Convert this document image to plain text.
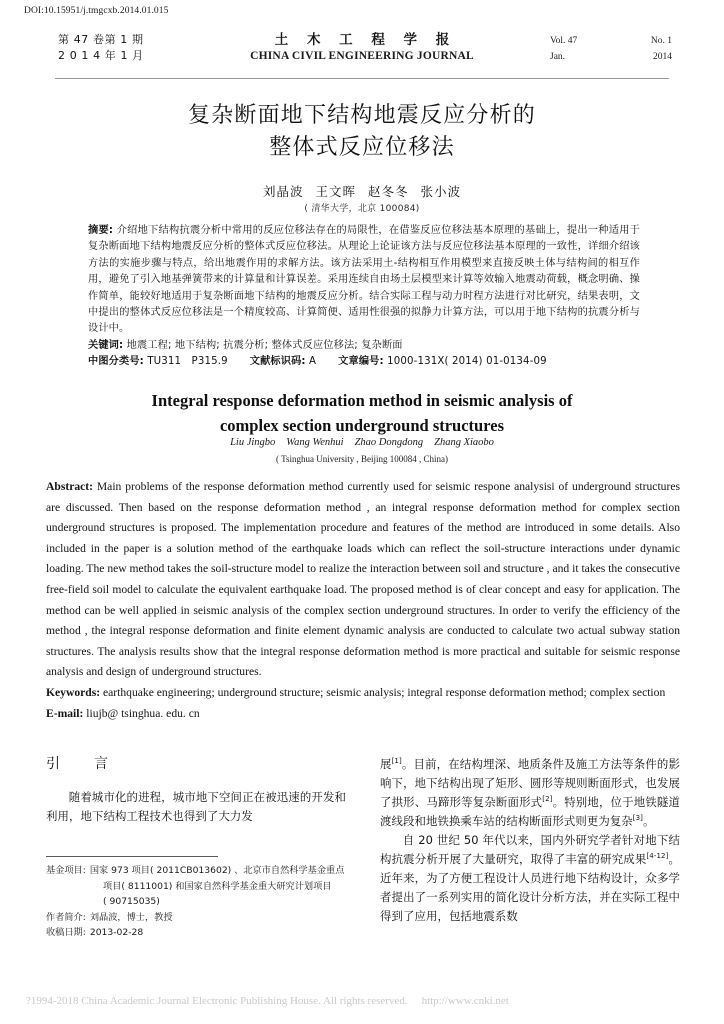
DOI:10.15951/j.tmgcxb.2014.01.015
第 47 卷第 1 期
2 0 1 4 年 1 月
土 木 工 程 学 报
CHINA CIVIL ENGINEERING JOURNAL
Vol. 47	No. 1
Jan.	2014
复杂断面地下结构地震反应分析的
整体式反应位移法
刘晶波 王文晖 赵冬冬 张小波
( 清华大学，北京 100084)

摘要: 介绍地下结构抗震分析中常用的反应位移法存在的局限性，在借鉴反应位移法基本原理的基础上，提出一种适用于复杂断面地下结构地震反应分析的整体式反应位移法。从理论上论证该方法与反应位移法基本原理的一致性，详细介绍该方法的实施步骤与特点，给出地震作用的求解方法。该方法采用土-结构相互作用模型来直接反映土体与结构间的相互作用，避免了引入地基弹簧带来的计算量和计算误差。采用连续自由场土层模型来计算等效输入地震动荷载，概念明确、操作简单，能较好地适用于复杂断面地下结构的地震反应分析。结合实际工程与动力时程方法进行对比研究，结果表明，文中提出的整体式反应位移法是一个精度较高、计算简便、适用性很强的拟静力计算方法，可以用于地下结构的抗震分析与设计中。

关键词: 地震工程; 地下结构; 抗震分析; 整体式反应位移法; 复杂断面

中图分类号: TU311　P315.9 文献标识码: A 文章编号: 1000-131X( 2014) 01-0134-09

Integral response deformation method in seismic analysis of
complex section underground structures
Liu Jingbo Wang Wenhui Zhao Dongdong Zhang Xiaobo
( Tsinghua University , Beijing 100084 , China)

Abstract: Main problems of the response deformation method currently used for seismic respone analysisi of underground structures are discussed. Then based on the response deformation method , an integral response deformation method for complex section underground structures is proposed. The implementation procedure and features of the method are introduced in some details. Also included in the paper is a solution method of the earthquake loads which can reflect the soil-structure interactions under dynamic loading. The new method takes the soil-structure model to realize the interaction between soil and structure , and it takes the consecutive free-field soil model to calculate the equivalent earthquake load. The proposed method is of clear concept and easy for application. The method can be well applied in seismic analysis of the complex section underground structures. In order to verify the efficiency of the method , the integral response deformation and finite element dynamic analysis are conducted to calculate two actual subway station structures. The analysis results show that the integral response deformation method is more practical and suitable for seismic response analysis and design of underground structures.

Keywords: earthquake engineering; underground structure; seismic analysis; integral response deformation method; complex section

E-mail: liujb@ tsinghua. edu. cn

引　言

随着城市化的进程，城市地下空间正在被迅速的开发和利用，地下结构工程技术也得到了大力发

展[1]。目前，在结构埋深、地质条件及施工方法等条件的影响下，地下结构出现了矩形、圆形等规则断面形式，也发展了拱形、马蹄形等复杂断面形式[2]。特别地，位于地铁隧道渡线段和地铁换乘车站的结构断面形式则更为复杂[3]。

自 20 世纪 50 年代以来，国内外研究学者针对地下结构抗震分析开展了大量研究，取得了丰富的研究成果[4-12]。近年来，为了方便工程设计人员进行地下结构设计，众多学者提出了一系列实用的简化设计分析方法，并在实际工程中得到了应用，包括地震系数

基金项目: 国家 973 项目( 2011CB013602) 、北京市自然科学基金重点
项目( 8111001) 和国家自然科学基金重大研究计划项目
( 90715035)
作者简介: 刘晶波，博士，教授
收稿日期: 2013-02-28
?1994-2018 China Academic Journal Electronic Publishing House. All rights reserved. http://www.cnki.net
